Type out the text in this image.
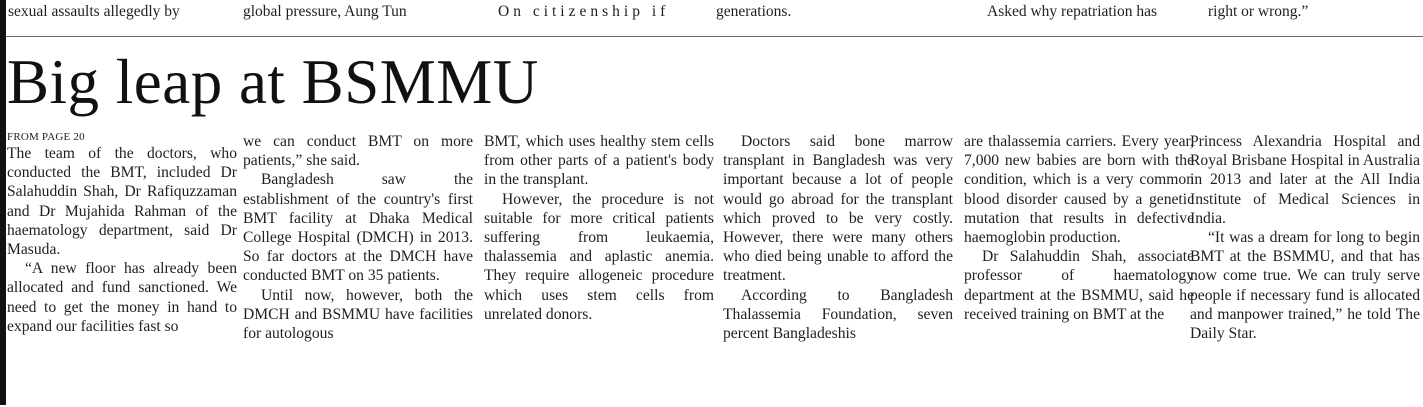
sexual assaults allegedly by	global pressure, Aung Tun	On citizenship if	generations.	Asked why repatriation has	right or wrong.”
Big leap at BSMMU
FROM PAGE 20

The team of the doctors, who conducted the BMT, included Dr Salahuddin Shah, Dr Rafiquzzaman and Dr Mujahida Rahman of the haematology department, said Dr Masuda.

“A new floor has already been allocated and fund sanctioned. We need to get the money in hand to expand our facilities fast so

we can conduct BMT on more patients,” she said.

Bangladesh saw the establishment of the country's first BMT facility at Dhaka Medical College Hospital (DMCH) in 2013. So far doctors at the DMCH have conducted BMT on 35 patients.

Until now, however, both the DMCH and BSMMU have facilities for autologous

BMT, which uses healthy stem cells from other parts of a patient's body in the transplant.

However, the procedure is not suitable for more critical patients suffering from leukaemia, thalassemia and aplastic anemia. They require allogeneic procedure which uses stem cells from unrelated donors.

Doctors said bone marrow transplant in Bangladesh was very important because a lot of people would go abroad for the transplant which proved to be very costly. However, there were many others who died being unable to afford the treatment.

According to Bangladesh Thalassemia Foundation, seven percent Bangladeshis

are thalassemia carriers. Every year, 7,000 new babies are born with the condition, which is a very common blood disorder caused by a genetic mutation that results in defective haemoglobin production.

Dr Salahuddin Shah, associate professor of haematology department at the BSMMU, said he received training on BMT at the

Princess Alexandria Hospital and Royal Brisbane Hospital in Australia in 2013 and later at the All India Institute of Medical Sciences in India.

“It was a dream for long to begin BMT at the BSMMU, and that has now come true. We can truly serve people if necessary fund is allocated and manpower trained,” he told The Daily Star.
